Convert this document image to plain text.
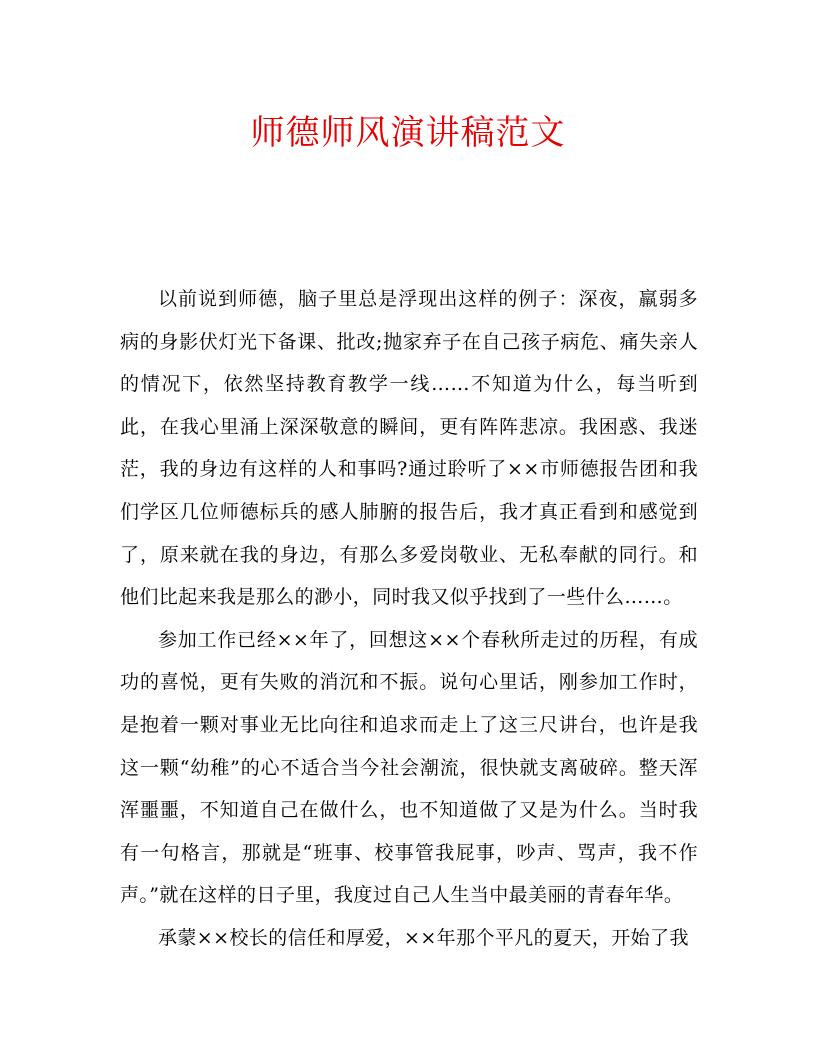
师德师风演讲稿范文

以前说到师德，脑子里总是浮现出这样的例子：深夜，羸弱多病的身影伏灯光下备课、批改;抛家弃子在自己孩子病危、痛失亲人的情况下，依然坚持教育教学一线……不知道为什么，每当听到此，在我心里涌上深深敬意的瞬间，更有阵阵悲凉。我困惑、我迷茫，我的身边有这样的人和事吗?通过聆听了××市师德报告团和我们学区几位师德标兵的感人肺腑的报告后，我才真正看到和感觉到了，原来就在我的身边，有那么多爱岗敬业、无私奉献的同行。和他们比起来我是那么的渺小，同时我又似乎找到了一些什么……。

参加工作已经××年了，回想这××个春秋所走过的历程，有成功的喜悦，更有失败的消沉和不振。说句心里话，刚参加工作时，是抱着一颗对事业无比向往和追求而走上了这三尺讲台，也许是我这一颗“幼稚”的心不适合当今社会潮流，很快就支离破碎。整天浑浑噩噩，不知道自己在做什么，也不知道做了又是为什么。当时我有一句格言，那就是“班事、校事管我屁事，吵声、骂声，我不作声。”就在这样的日子里，我度过自己人生当中最美丽的青春年华。

承蒙××校长的信任和厚爱，××年那个平凡的夏天，开始了我
